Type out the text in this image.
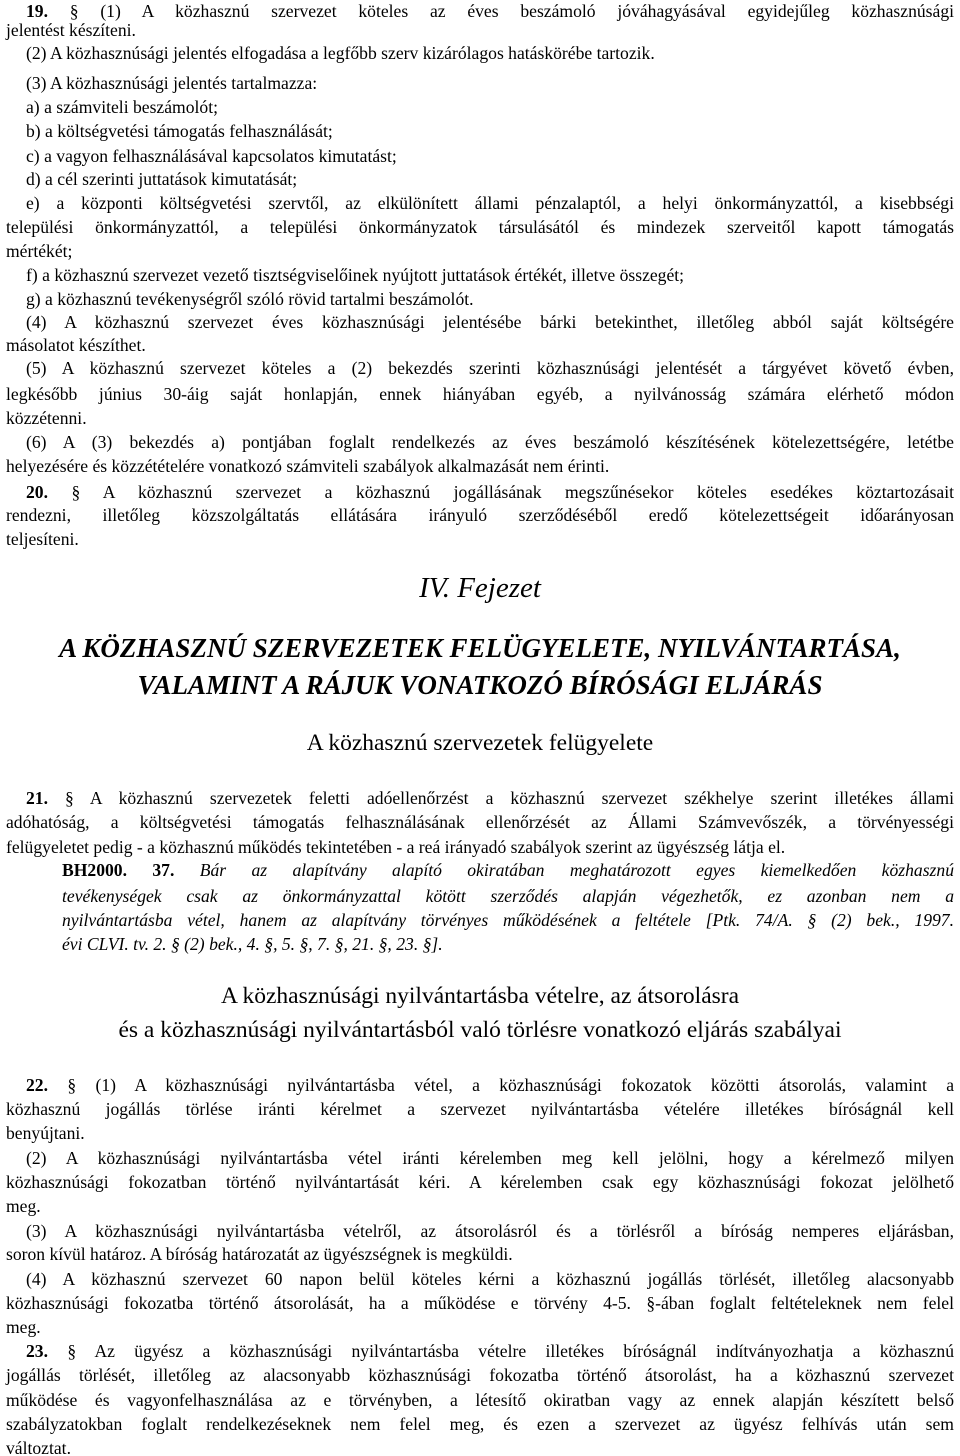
19. § (1) A közhasznú szervezet köteles az éves beszámoló jóváhagyásával egyidejűleg közhasznúsági
jelentést készíteni.
(2) A közhasznúsági jelentés elfogadása a legfőbb szerv kizárólagos hatáskörébe tartozik.
(3) A közhasznúsági jelentés tartalmazza:
a) a számviteli beszámolót;
b) a költségvetési támogatás felhasználását;
c) a vagyon felhasználásával kapcsolatos kimutatást;
d) a cél szerinti juttatások kimutatását;
e) a központi költségvetési szervtől, az elkülönített állami pénzalaptól, a helyi önkormányzattól, a kisebbségi
települési önkormányzattól, a települési önkormányzatok társulásától és mindezek szerveitől kapott támogatás
mértékét;
f) a közhasznú szervezet vezető tisztségviselőinek nyújtott juttatások értékét, illetve összegét;
g) a közhasznú tevékenységről szóló rövid tartalmi beszámolót.
(4) A közhasznú szervezet éves közhasznúsági jelentésébe bárki betekinthet, illetőleg abból saját költségére
másolatot készíthet.
(5) A közhasznú szervezet köteles a (2) bekezdés szerinti közhasznúsági jelentését a tárgyévet követő évben,
legkésőbb június 30-áig saját honlapján, ennek hiányában egyéb, a nyilvánosság számára elérhető módon
közzétenni.
(6) A (3) bekezdés a) pontjában foglalt rendelkezés az éves beszámoló készítésének kötelezettségére, letétbe
helyezésére és közzétételére vonatkozó számviteli szabályok alkalmazását nem érinti.
20. § A közhasznú szervezet a közhasznú jogállásának megszűnésekor köteles esedékes köztartozásait
rendezni, illetőleg közszolgáltatás ellátására irányuló szerződéséből eredő kötelezettségeit időarányosan
teljesíteni.
IV. Fejezet
A KÖZHASZNÚ SZERVEZETEK FELÜGYELETE, NYILVÁNTARTÁSA,
VALAMINT A RÁJUK VONATKOZÓ BÍRÓSÁGI ELJÁRÁS
A közhasznú szervezetek felügyelete
21. § A közhasznú szervezetek feletti adóellenőrzést a közhasznú szervezet székhelye szerint illetékes állami
adóhatóság, a költségvetési támogatás felhasználásának ellenőrzését az Állami Számvevőszék, a törvényességi
felügyeletet pedig - a közhasznú működés tekintetében - a reá irányadó szabályok szerint az ügyészség látja el.
BH2000. 37. Bár az alapítvány alapító okiratában meghatározott egyes kiemelkedően közhasznú
tevékenységek csak az önkormányzattal kötött szerződés alapján végezhetők, ez azonban nem a
nyilvántartásba vétel, hanem az alapítvány törvényes működésének a feltétele [Ptk. 74/A. § (2) bek., 1997.
évi CLVI. tv. 2. § (2) bek., 4. §, 5. §, 7. §, 21. §, 23. §].
A közhasznúsági nyilvántartásba vételre, az átsorolásra
és a közhasznúsági nyilvántartásból való törlésre vonatkozó eljárás szabályai
22. § (1) A közhasznúsági nyilvántartásba vétel, a közhasznúsági fokozatok közötti átsorolás, valamint a
közhasznú jogállás törlése iránti kérelmet a szervezet nyilvántartásba vételére illetékes bíróságnál kell
benyújtani.
(2) A közhasznúsági nyilvántartásba vétel iránti kérelemben meg kell jelölni, hogy a kérelmező milyen
közhasznúsági fokozatban történő nyilvántartását kéri. A kérelemben csak egy közhasznúsági fokozat jelölhető
meg.
(3) A közhasznúsági nyilvántartásba vételről, az átsorolásról és a törlésről a bíróság nemperes eljárásban,
soron kívül határoz. A bíróság határozatát az ügyészségnek is megküldi.
(4) A közhasznú szervezet 60 napon belül köteles kérni a közhasznú jogállás törlését, illetőleg alacsonyabb
közhasznúsági fokozatba történő átsorolását, ha a működése e törvény 4-5. §-ában foglalt feltételeknek nem felel
meg.
23. § Az ügyész a közhasznúsági nyilvántartásba vételre illetékes bíróságnál indítványozhatja a közhasznú
jogállás törlését, illetőleg az alacsonyabb közhasznúsági fokozatba történő átsorolást, ha a közhasznú szervezet
működése és vagyonfelhasználása az e törvényben, a létesítő okiratban vagy az ennek alapján készített belső
szabályzatokban foglalt rendelkezéseknek nem felel meg, és ezen a szervezet az ügyész felhívás után sem
változtat.
